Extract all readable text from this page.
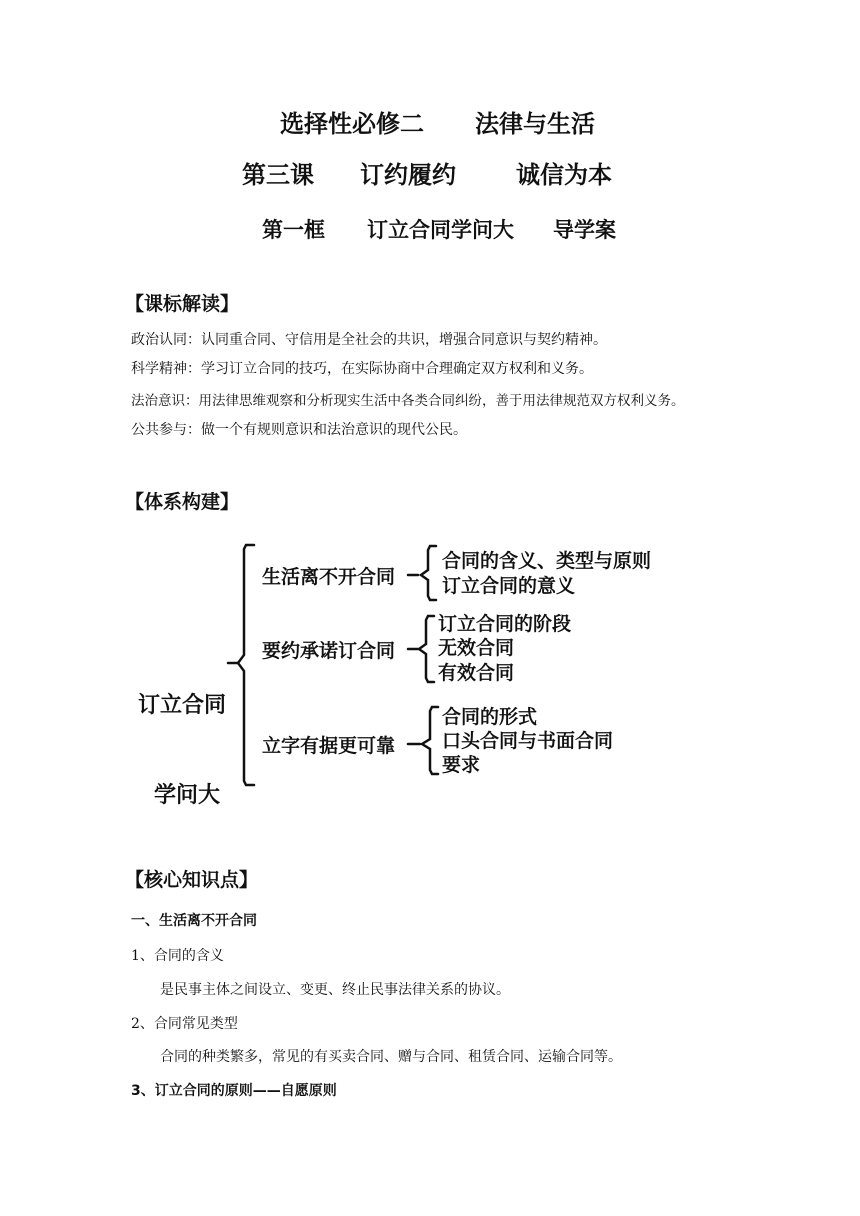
选择性必修二 法律与生活
第三课 订约履约	诚信为本
第一框 订立合同学问大 导学案
【课标解读】
政治认同：认同重合同、守信用是全社会的共识，增强合同意识与契约精神。
科学精神：学习订立合同的技巧，在实际协商中合理确定双方权利和义务。
法治意识：用法律思维观察和分析现实生活中各类合同纠纷，善于用法律规范双方权利义务。
公共参与：做一个有规则意识和法治意识的现代公民。
【体系构建】

订立合同

学问大

生活离不开合同
要约承诺订合同
立字有据更可靠
合同的含义、类型与原则
订立合同的意义
订立合同的阶段
无效合同
有效合同
合同的形式
口头合同与书面合同
要求
【核心知识点】
一、生活离不开合同
1、合同的含义
是民事主体之间设立、变更、终止民事法律关系的协议。
2、合同常见类型
合同的种类繁多，常见的有买卖合同、赠与合同、租赁合同、运输合同等。
3、订立合同的原则——自愿原则
